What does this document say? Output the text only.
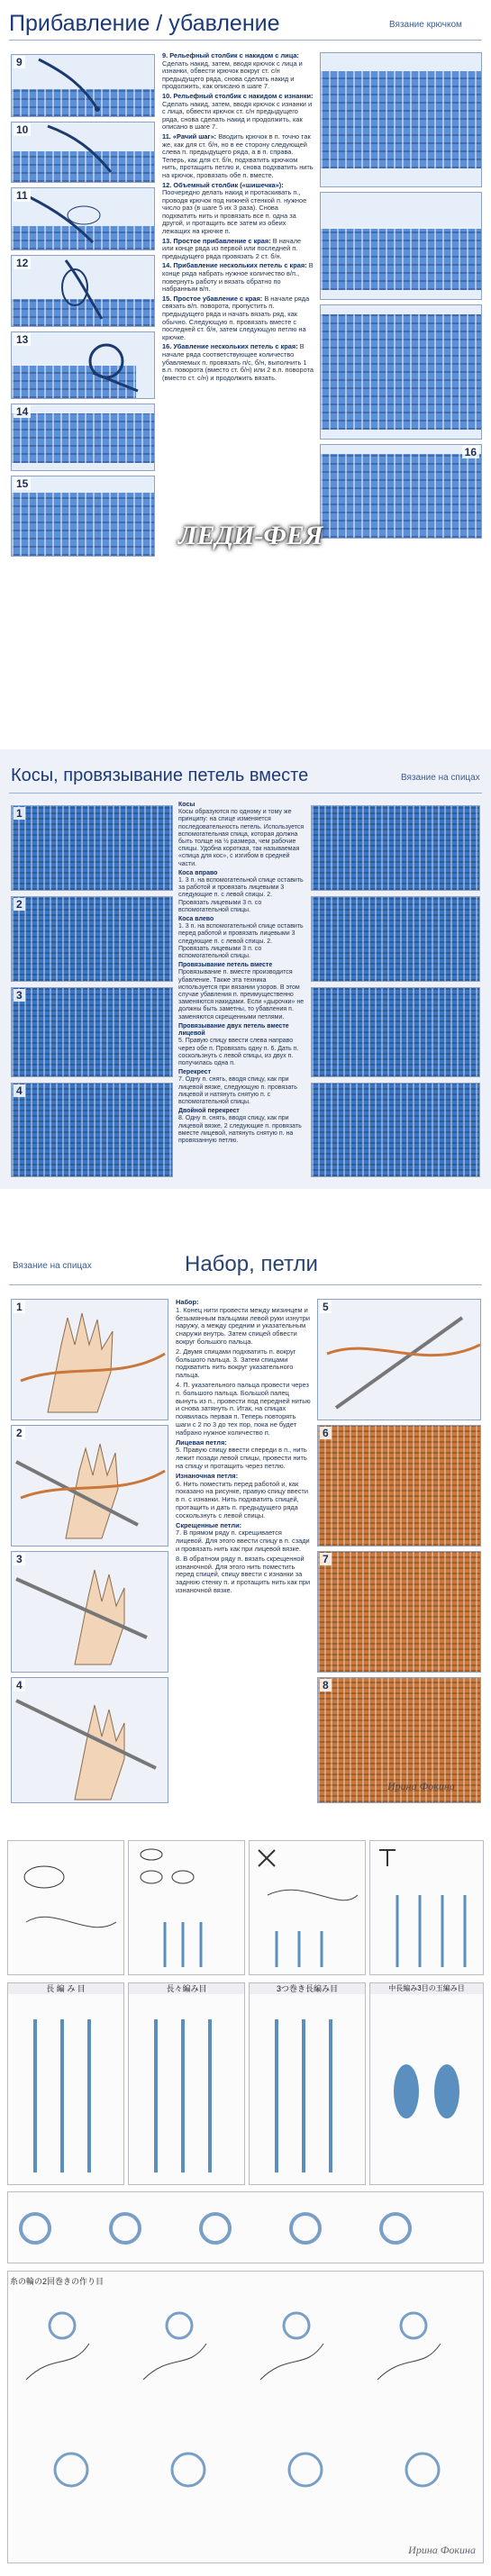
Прибавление / убавление	Вязание крючком
9
10
11
12
13
14
15

9. Рельефный столбик с накидом с лица: Сделать накид, затем, вводя крючок с лица и изнанки, обвести крючок вокруг ст. с/н предыдущего ряда, снова сделать накид и продолжить, как описано в шаге 7.

10. Рельефный столбик с накидом с изнанки: Сделать накид, затем, вводя крючок с изнанки и с лица, обвести крючок ст. с/н предыдущего ряда, снова сделать накид и продолжить, как описано в шаге 7.

11. «Рачий шаг»: Вводить крючок в п. точно так же, как для ст. б/н, но в ее сторону следующей слева п. предыдущего ряда, а в п. справа. Теперь, как для ст. б/н, подхватить крючком нить, протащить петлю и, снова подхватить нить на крючок, провязать обе п. вместе.

12. Объемный столбик («шишечка»): Поочередно делать накид и протаскивать п., проводя крючок под нижней стенкой п. нужное число раз (в шаге 5 их 3 раза). Снова подхватить нить и провязать все п. одна за другой, и протащить все затем из обеих лежащих на крючке п.

13. Простое прибавление с края: В начале или конце ряда из первой или последней п. предыдущего ряда провязать 2 ст. б/н.

14. Прибавление нескольких петель с края: В конце ряда набрать нужное количество в/п., повернуть работу и вязать обратно по набранным в/п.

15. Простое убавление с края: В начале ряда связать в/п. поворота, пропустить п. предыдущего ряда и начать вязать ряд, как обычно. Следующую п. провязать вместе с последней ст. б/н, затем следующую петлю на крючке.

16. Убавление нескольких петель с края: В начале ряда соответствующее количество убавляемых п. провязать п/с, б/н, выполнить 1 в.п. поворота (вместо ст. б/н) или 2 в.п. поворота (вместо ст. с/н) и продолжить вязать.

16
ЛЕДИ-ФЕЯ
Косы, провязывание петель вместе	Вязание на спицах
1
2
3
4

Косы
Косы образуются по одному и тому же принципу: на спице изменяется последовательность петель. Используется вспомогательная спица, которая должна быть толще на ½ размера, чем рабочие спицы. Удобна короткая, так называемая «спица для кос», с изгибом в средней части.

Коса вправо
1. 3 п. на вспомогательной спице оставить за работой и провязать лицевыми 3 следующие п. с левой спицы. 2. Провязать лицевыми 3 п. со вспомогательной спицы.

Коса влево
1. 3 п. на вспомогательной спице оставить перед работой и провязать лицевыми 3 следующие п. с левой спицы. 2. Провязать лицевыми 3 п. со вспомогательной спицы.

Провязывание петель вместе
Провязывание п. вместе производится убавление. Также эта техника используется при вязании узоров. В этом случае убавления п. преимущественно заменяются накидами. Если «дырочки» не должны быть заметны, то убавления п. заменяются скрещенными петлями.

Провязывание двух петель вместе лицевой
5. Правую спицу ввести слева направо через обе п. Провязать одну п. 6. Дать п. соскользнуть с левой спицы, из двух п. получилась одна п.

Перекрест
7. Одну п. снять, вводя спицу, как при лицевой вязке, следующую п. провязать лицевой и натянуть снятую п. с вспомогательной спицы.

Двойной перекрест
8. Одну п. снять, вводя спицу, как при лицевой вязке, 2 следующие п. провязать вместе лицевой, натянуть снятую п. на провязанную петлю.

Вязание на спицах	Набор, петли
1
2
3
4

Набор:
1. Конец нити провести между мизинцем и безымянным пальцами левой руки изнутри наружу, а между средним и указательным снаружи внутрь. Затем спицей обвести вокруг большого пальца.

2. Двумя спицами подхватить п. вокруг большого пальца. 3. Затем спицами подхватить нить вокруг указательного пальца.

4. П. указательного пальца провести через п. большого пальца. Большой палец вынуть из п., провести под передней нитью и снова затянуть п. Итак, на спицах появилась первая п. Теперь повторять шаги с 2 по 3 до тех пор, пока не будет набрано нужное количество п.

Лицевая петля:
5. Правую спицу ввести спереди в п., нить лежит позади левой спицы, провести нить на спицу и протащить через петлю.

Изнаночная петля:
6. Нить поместить перед работой и, как показано на рисунке, правую спицу ввести в п. с изнанки. Нить подхватить спицей, протащить и дать п. предыдущего ряда соскользнуть с левой спицы.

Скрещенные петли:
7. В прямом ряду п. скрещивается лицевой. Для этого ввести спицу в п. сзади и провязать нить как при лицевой вязке.

8. В обратном ряду п. вязать скрещенной изнаночной. Для этого нить поместить перед спицей, спицу ввести с изнанки за заднюю стенку п. и протащить нить как при изнаночной вязке.

5
6
7
8
Ирина Фокина
長 編 み 目	長々編み目	3つ巻き長編み目	中長編み3目の玉編み目
糸の輪の2回巻きの作り目
Ирина Фокина
